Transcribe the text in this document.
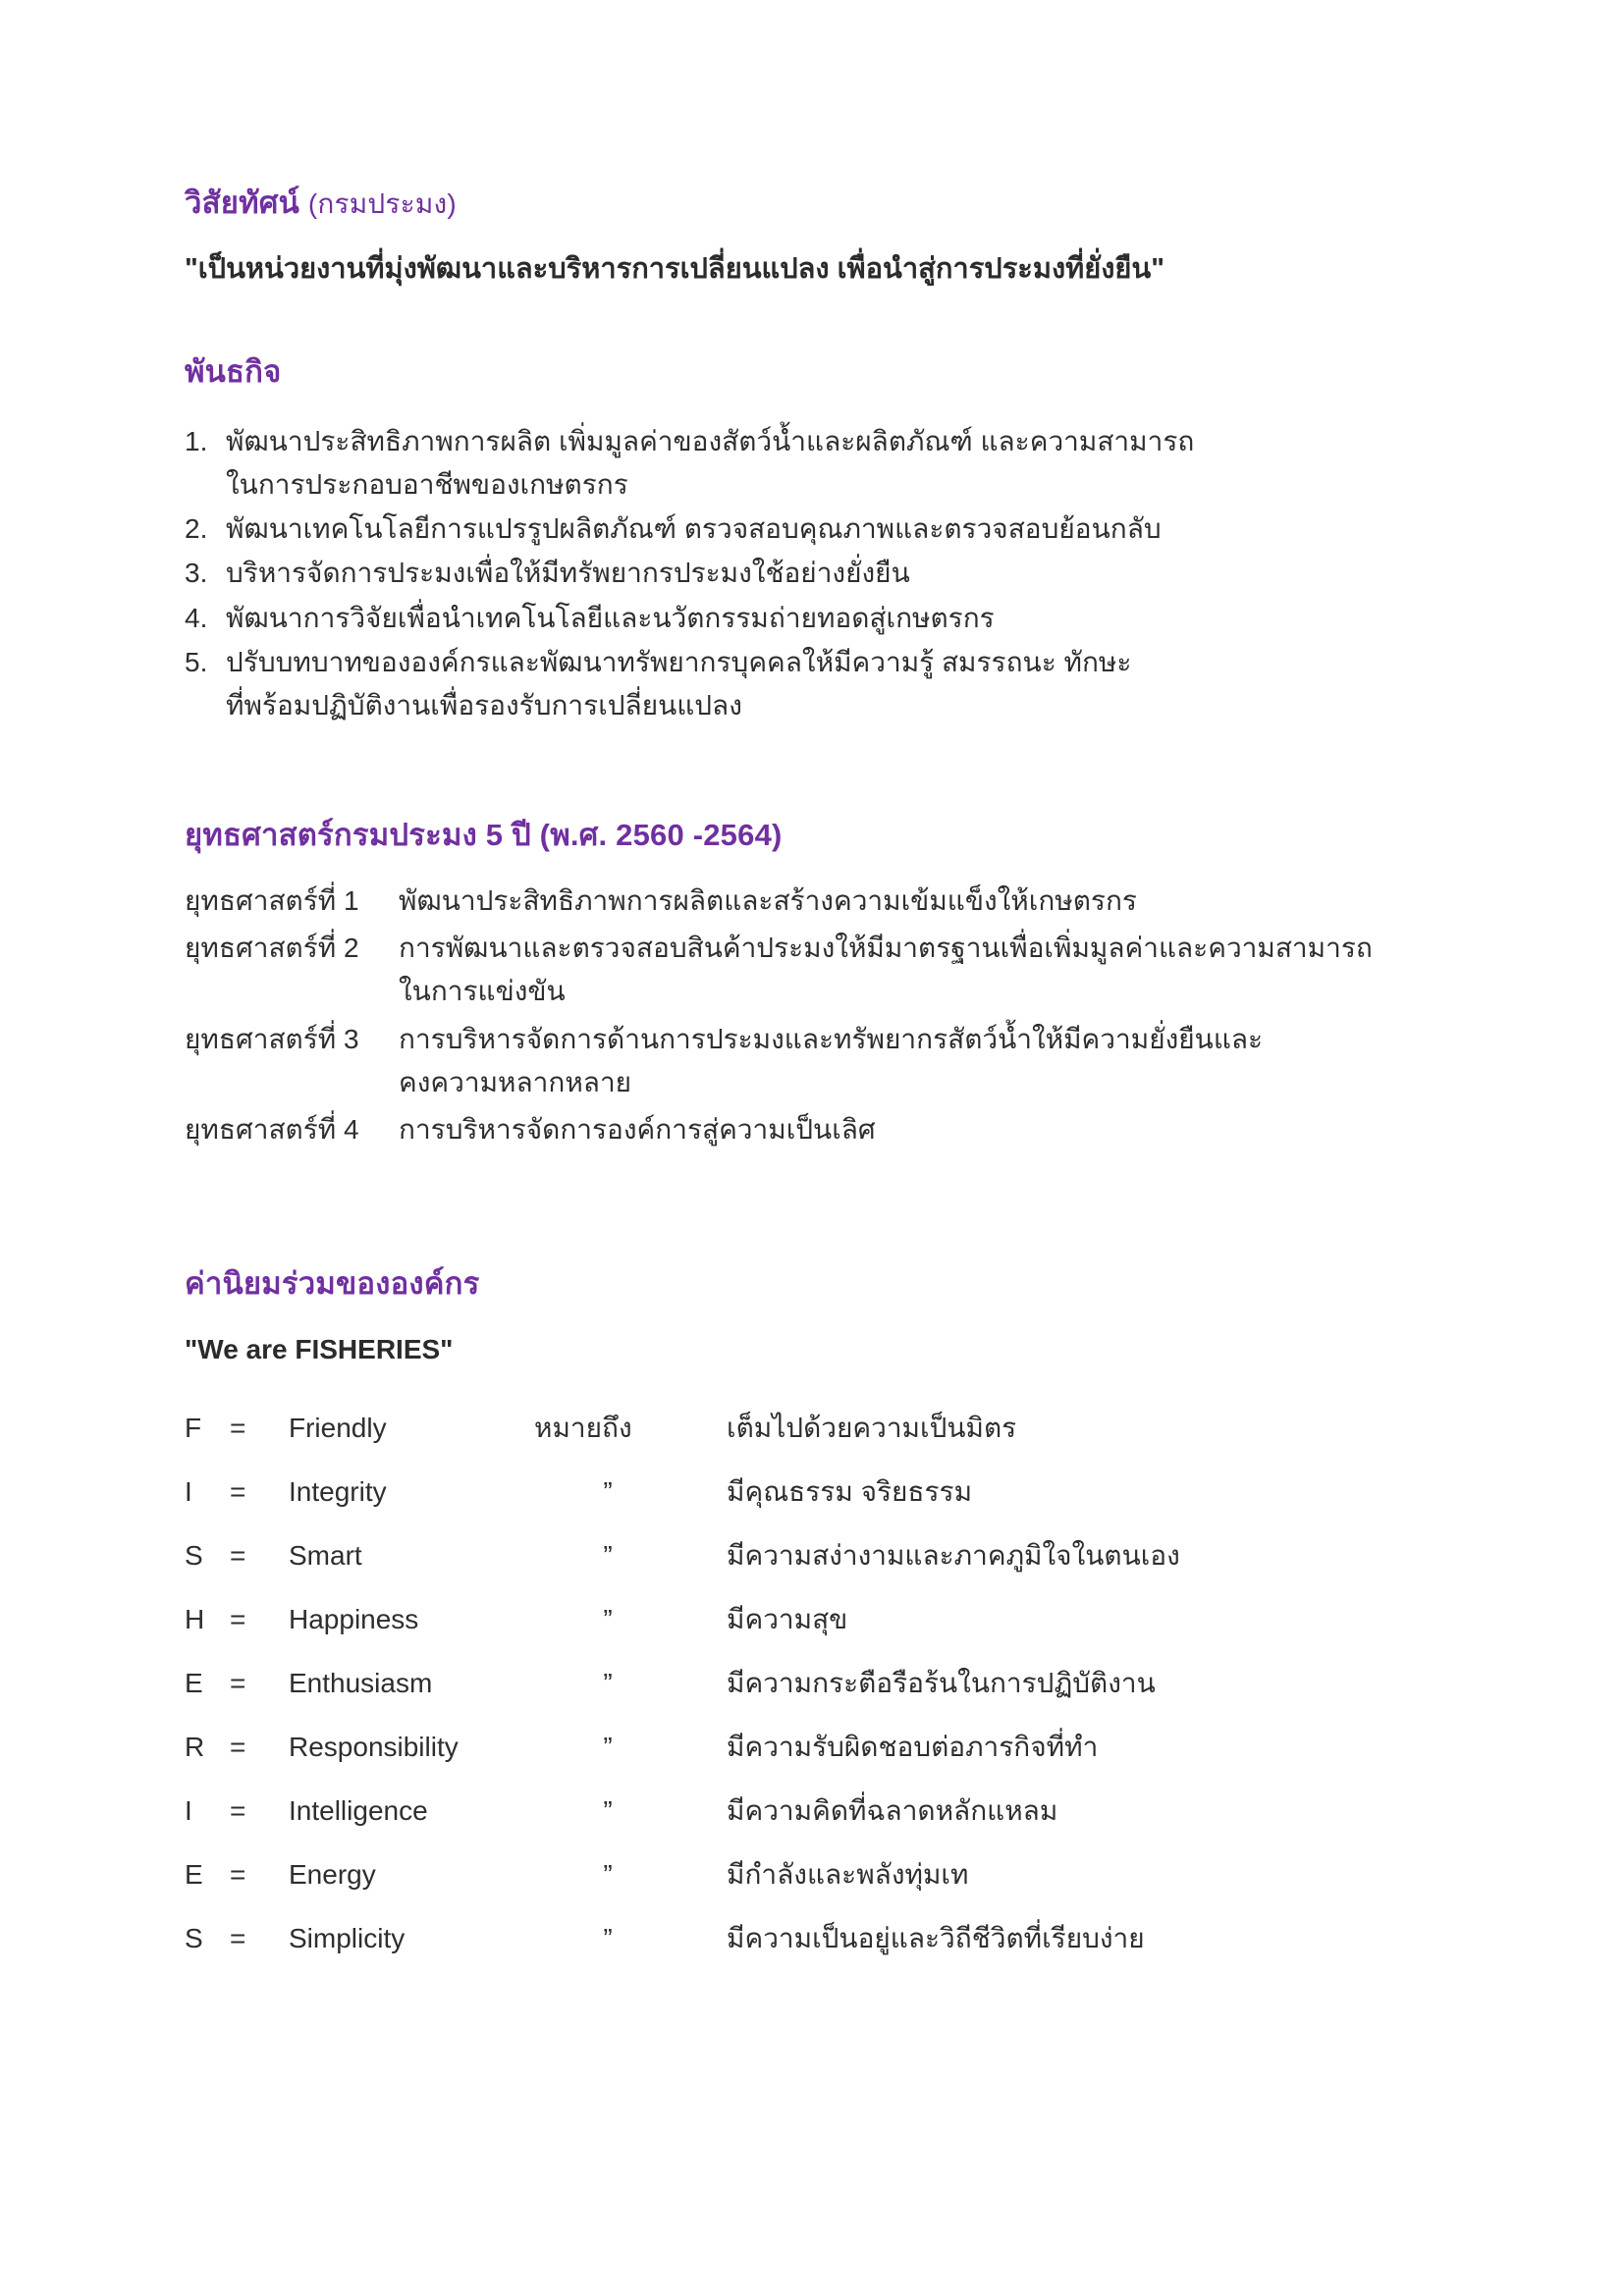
วิสัยทัศน์ (กรมประมง)
"เป็นหน่วยงานที่มุ่งพัฒนาและบริหารการเปลี่ยนแปลง เพื่อนำสู่การประมงที่ยั่งยืน"
พันธกิจ
1. พัฒนาประสิทธิภาพการผลิต เพิ่มมูลค่าของสัตว์น้ำและผลิตภัณฑ์ และความสามารถ
ในการประกอบอาชีพของเกษตรกร
2. พัฒนาเทคโนโลยีการแปรรูปผลิตภัณฑ์ ตรวจสอบคุณภาพและตรวจสอบย้อนกลับ
3. บริหารจัดการประมงเพื่อให้มีทรัพยากรประมงใช้อย่างยั่งยืน
4. พัฒนาการวิจัยเพื่อนำเทคโนโลยีและนวัตกรรมถ่ายทอดสู่เกษตรกร
5. ปรับบทบาทขององค์กรและพัฒนาทรัพยากรบุคคลให้มีความรู้ สมรรถนะ ทักษะ
ที่พร้อมปฏิบัติงานเพื่อรองรับการเปลี่ยนแปลง
ยุทธศาสตร์กรมประมง 5 ปี (พ.ศ. 2560 -2564)
ยุทธศาสตร์ที่ 1	พัฒนาประสิทธิภาพการผลิตและสร้างความเข้มแข็งให้เกษตรกร
ยุทธศาสตร์ที่ 2	การพัฒนาและตรวจสอบสินค้าประมงให้มีมาตรฐานเพื่อเพิ่มมูลค่าและความสามารถ
ในการแข่งขัน
ยุทธศาสตร์ที่ 3	การบริหารจัดการด้านการประมงและทรัพยากรสัตว์น้ำให้มีความยั่งยืนและ
คงความหลากหลาย
ยุทธศาสตร์ที่ 4	การบริหารจัดการองค์การสู่ความเป็นเลิศ
ค่านิยมร่วมขององค์กร
"We are FISHERIES"
F	=	Friendly	หมายถึง	เต็มไปด้วยความเป็นมิตร
I	=	Integrity	”	มีคุณธรรม จริยธรรม
S	=	Smart	”	มีความสง่างามและภาคภูมิใจในตนเอง
H	=	Happiness	”	มีความสุข
E	=	Enthusiasm	”	มีความกระตือรือร้นในการปฏิบัติงาน
R	=	Responsibility	”	มีความรับผิดชอบต่อภารกิจที่ทำ
I	=	Intelligence	”	มีความคิดที่ฉลาดหลักแหลม
E	=	Energy	”	มีกำลังและพลังทุ่มเท
S	=	Simplicity	”	มีความเป็นอยู่และวิถีชีวิตที่เรียบง่าย
